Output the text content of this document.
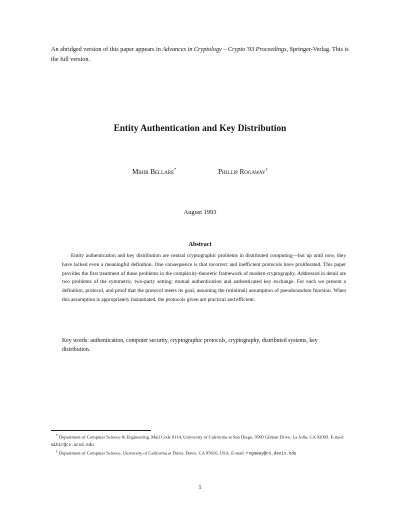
An abridged version of this paper appears in Advances in Cryptology – Crypto '93 Proceedings, Springer-Verlag. This is the full version.
Entity Authentication and Key Distribution
Mihir Bellare*	Phillip Rogaway†
August 1993
Abstract
Entity authentication and key distribution are central cryptographic problems in distributed computing—but up until now, they have lacked even a meaningful definition. One consequence is that incorrect and inefficient protocols have proliferated. This paper provides the first treatment of these problems in the complexity-theoretic framework of modern cryptography. Addressed in detail are two problems of the symmetric, two-party setting: mutual authentication and authenticated key exchange. For each we present a definition, protocol, and proof that the protocol meets its goal, assuming the (minimal) assumption of pseudorandom function. When this assumption is appropriately instantiated, the protocols given are practical and efficient.
Key words: authentication, computer security, cryptographic protocols, cryptography, distributed systems, key distribution.
* Department of Computer Science & Engineering, Mail Code 0114, University of California at San Diego, 9500 Gilman Drive, La Jolla, CA 92093. E-mail: mihir@cs.ucsd.edu
† Department of Computer Science, University of California at Davis, Davis, CA 95616, USA. E-mail: rogaway@cs.davis.edu
1
